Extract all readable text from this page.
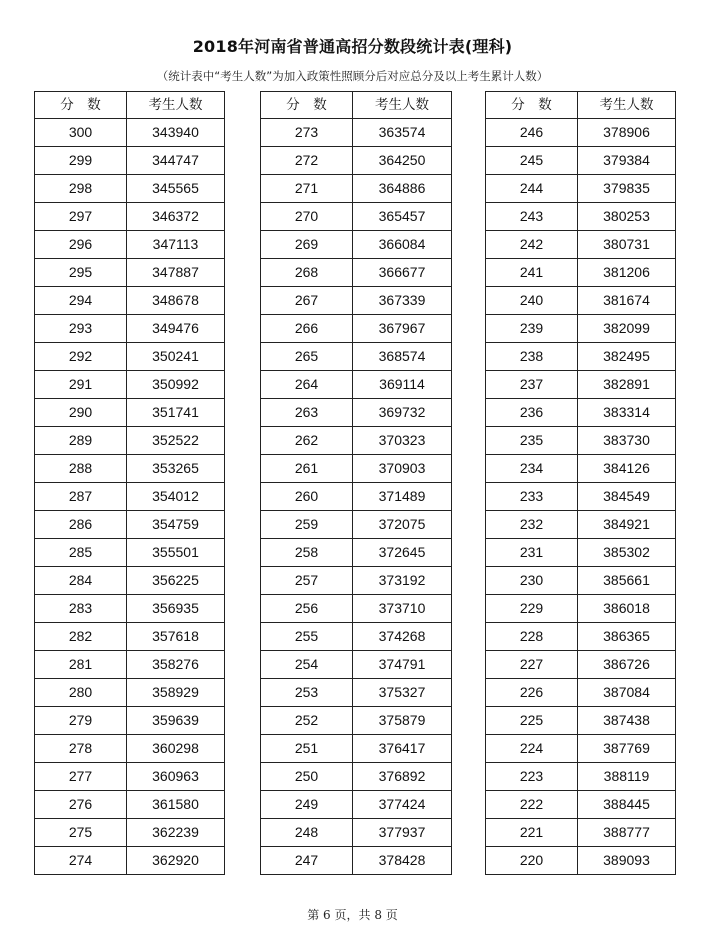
2018年河南省普通高招分数段统计表(理科)
（统计表中“考生人数”为加入政策性照顾分后对应总分及以上考生累计人数）
分　数	考生人数
300	343940
299	344747
298	345565
297	346372
296	347113
295	347887
294	348678
293	349476
292	350241
291	350992
290	351741
289	352522
288	353265
287	354012
286	354759
285	355501
284	356225
283	356935
282	357618
281	358276
280	358929
279	359639
278	360298
277	360963
276	361580
275	362239
274	362920
分　数	考生人数
273	363574
272	364250
271	364886
270	365457
269	366084
268	366677
267	367339
266	367967
265	368574
264	369114
263	369732
262	370323
261	370903
260	371489
259	372075
258	372645
257	373192
256	373710
255	374268
254	374791
253	375327
252	375879
251	376417
250	376892
249	377424
248	377937
247	378428
分　数	考生人数
246	378906
245	379384
244	379835
243	380253
242	380731
241	381206
240	381674
239	382099
238	382495
237	382891
236	383314
235	383730
234	384126
233	384549
232	384921
231	385302
230	385661
229	386018
228	386365
227	386726
226	387084
225	387438
224	387769
223	388119
222	388445
221	388777
220	389093
第 6 页，共 8 页
